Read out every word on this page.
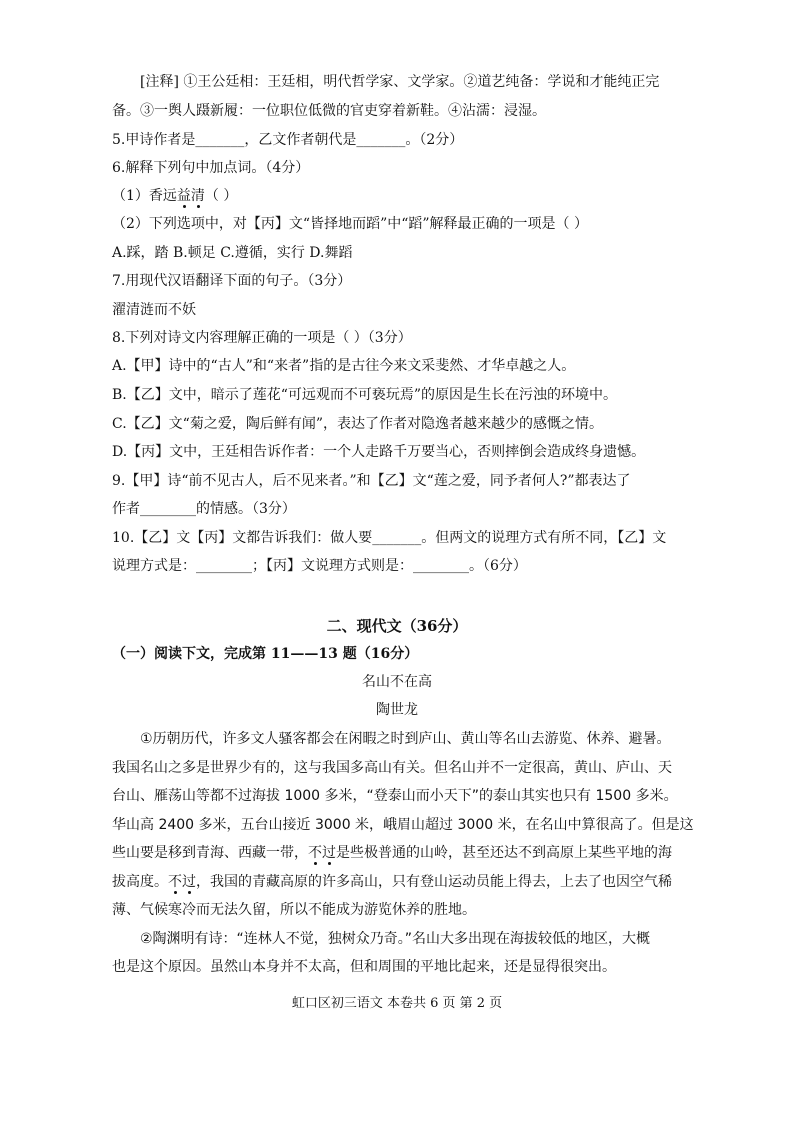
[注释] ①王公廷相：王廷相，明代哲学家、文学家。②道艺纯备：学说和才能纯正完
备。③一舆人蹑新履：一位职位低微的官吏穿着新鞋。④沾濡：浸湿。
5.甲诗作者是_______，乙文作者朝代是_______。（2分）
6.解释下列句中加点词。（4分）
（1）香远益清（ ）
（2）下列选项中，对【丙】文“皆择地而蹈”中“蹈”解释最正确的一项是（ ）
A.踩，踏 B.顿足 C.遵循，实行 D.舞蹈
7.用现代汉语翻译下面的句子。（3分）
濯清涟而不妖
8.下列对诗文内容理解正确的一项是（ ）（3分）
A.【甲】诗中的“古人”和“来者”指的是古往今来文采斐然、才华卓越之人。
B.【乙】文中，暗示了莲花“可远观而不可亵玩焉”的原因是生长在污浊的环境中。
C.【乙】文“菊之爱，陶后鲜有闻”，表达了作者对隐逸者越来越少的感慨之情。
D.【丙】文中，王廷相告诉作者：一个人走路千万要当心，否则摔倒会造成终身遗憾。
9.【甲】诗“前不见古人，后不见来者。”和【乙】文“莲之爱，同予者何人?”都表达了
作者________的情感。（3分）
10.【乙】文【丙】文都告诉我们：做人要_______。但两文的说理方式有所不同，【乙】文
说理方式是：________；【丙】文说理方式则是：________。（6分）
二、现代文（36分）
（一）阅读下文，完成第 11——13 题（16分）
名山不在高
陶世龙
①历朝历代，许多文人骚客都会在闲暇之时到庐山、黄山等名山去游览、休养、避暑。
我国名山之多是世界少有的，这与我国多高山有关。但名山并不一定很高，黄山、庐山、天
台山、雁荡山等都不过海拔 1000 多米，“登泰山而小天下”的泰山其实也只有 1500 多米。
华山高 2400 多米，五台山接近 3000 米，峨眉山超过 3000 米，在名山中算很高了。但是这
些山要是移到青海、西藏一带，不过是些极普通的山岭，甚至还达不到高原上某些平地的海
拔高度。不过，我国的青藏高原的许多高山，只有登山运动员能上得去，上去了也因空气稀
薄、气候寒冷而无法久留，所以不能成为游览休养的胜地。
②陶渊明有诗：“连林人不觉，独树众乃奇。”名山大多出现在海拔较低的地区，大概
也是这个原因。虽然山本身并不太高，但和周围的平地比起来，还是显得很突出。
虹口区初三语文 本卷共 6 页 第 2 页
